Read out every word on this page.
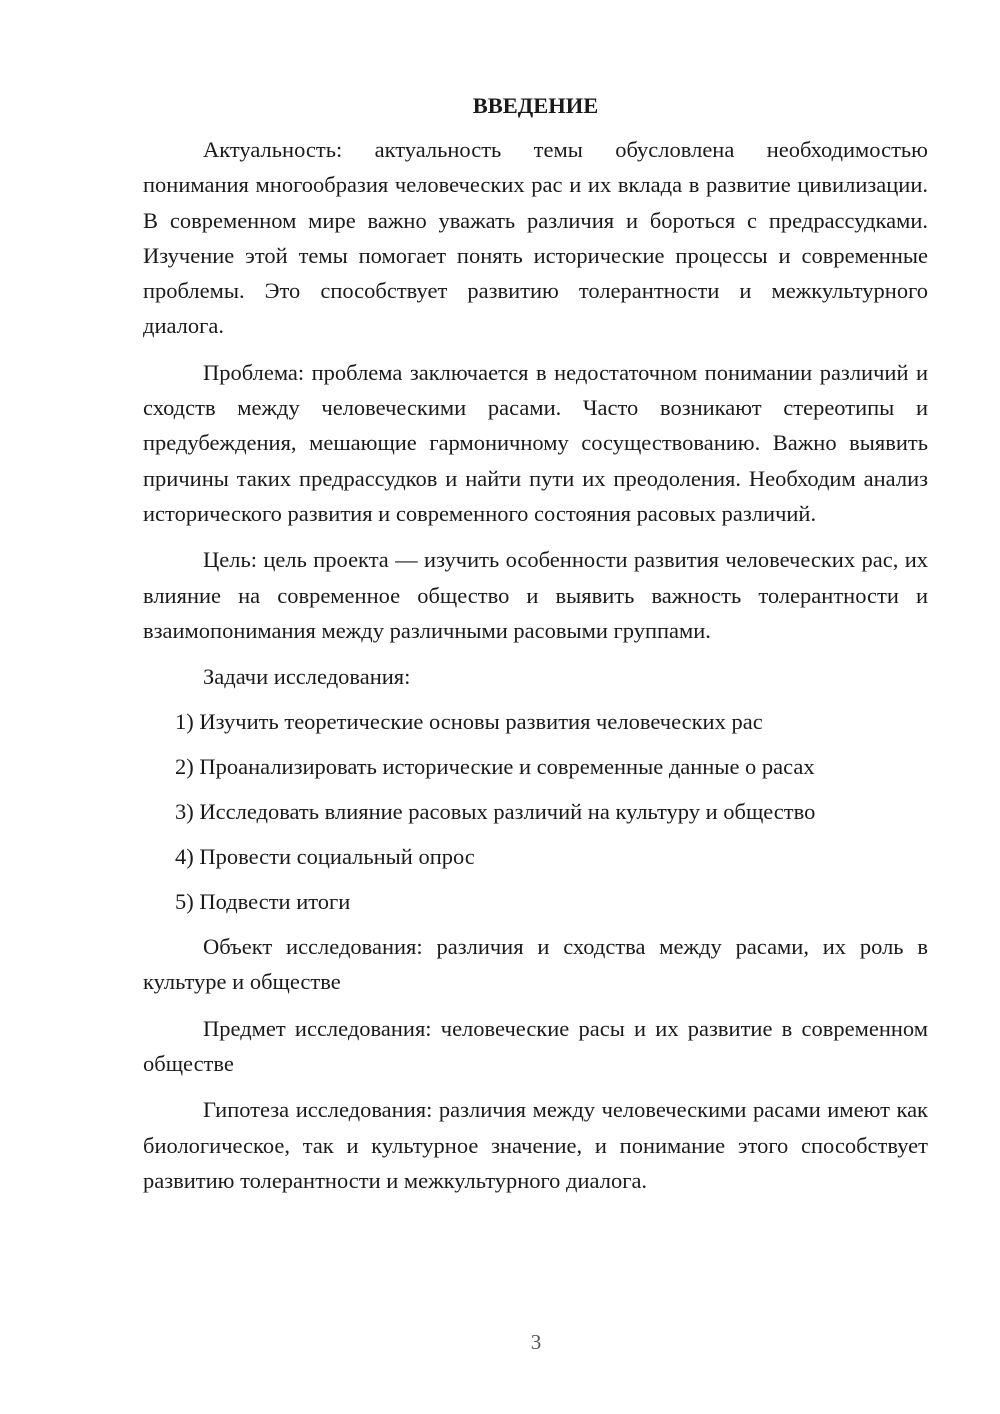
ВВЕДЕНИЕ

Актуальность: актуальность темы обусловлена необходимостью понимания многообразия человеческих рас и их вклада в развитие цивилизации. В современном мире важно уважать различия и бороться с предрассудками. Изучение этой темы помогает понять исторические процессы и современные проблемы. Это способствует развитию толерантности и межкультурного диалога.

Проблема: проблема заключается в недостаточном понимании различий и сходств между человеческими расами. Часто возникают стереотипы и предубеждения, мешающие гармоничному сосуществованию. Важно выявить причины таких предрассудков и найти пути их преодоления. Необходим анализ исторического развития и современного состояния расовых различий.

Цель: цель проекта — изучить особенности развития человеческих рас, их влияние на современное общество и выявить важность толерантности и взаимопонимания между различными расовыми группами.

Задачи исследования:

1) Изучить теоретические основы развития человеческих рас

2) Проанализировать исторические и современные данные о расах

3) Исследовать влияние расовых различий на культуру и общество

4) Провести социальный опрос

5) Подвести итоги

Объект исследования: различия и сходства между расами, их роль в культуре и обществе

Предмет исследования: человеческие расы и их развитие в современном обществе

Гипотеза исследования: различия между человеческими расами имеют как биологическое, так и культурное значение, и понимание этого способствует развитию толерантности и межкультурного диалога.

3
